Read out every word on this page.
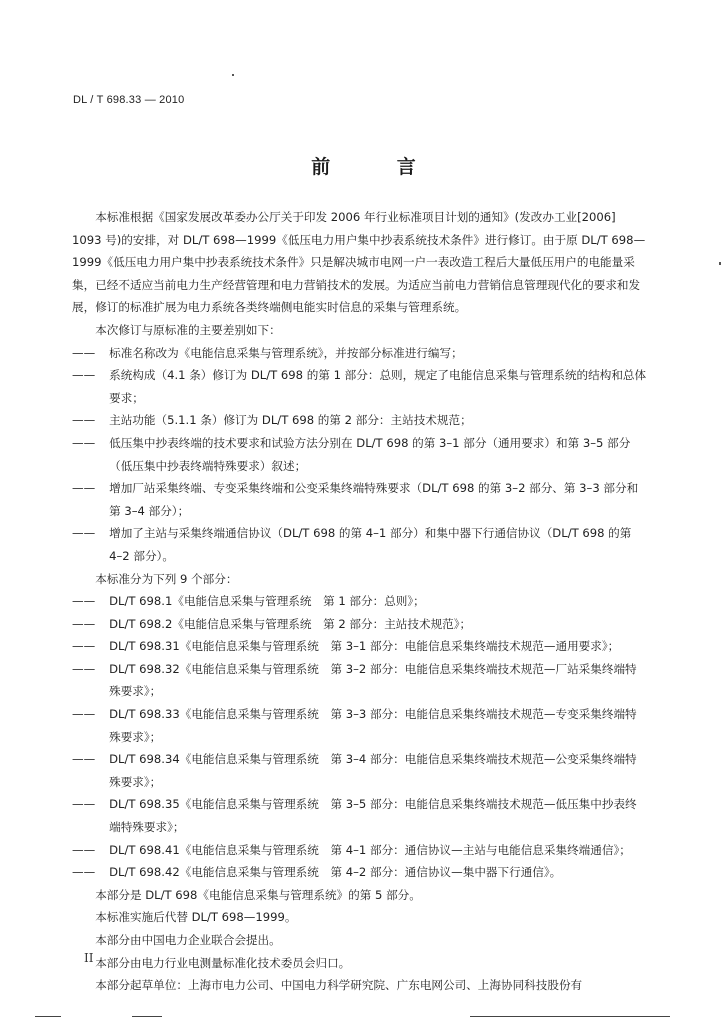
DL / T 698.33 — 2010
前 言

本标准根据《国家发展改革委办公厅关于印发 2006 年行业标准项目计划的通知》(发改办工业[2006] 1093 号)的安排，对 DL/T 698—1999《低压电力用户集中抄表系统技术条件》进行修订。由于原 DL/T 698—1999《低压电力用户集中抄表系统技术条件》只是解决城市电网一户一表改造工程后大量低压用户的电能量采集，已经不适应当前电力生产经营管理和电力营销技术的发展。为适应当前电力营销信息管理现代化的要求和发展，修订的标准扩展为电力系统各类终端侧电能实时信息的采集与管理系统。

本次修订与原标准的主要差别如下：

—— 标准名称改为《电能信息采集与管理系统》，并按部分标准进行编写；

—— 系统构成（4.1 条）修订为 DL/T 698 的第 1 部分：总则，规定了电能信息采集与管理系统的结构和总体要求；

—— 主站功能（5.1.1 条）修订为 DL/T 698 的第 2 部分：主站技术规范；

—— 低压集中抄表终端的技术要求和试验方法分别在 DL/T 698 的第 3–1 部分（通用要求）和第 3–5 部分（低压集中抄表终端特殊要求）叙述；

—— 增加厂站采集终端、专变采集终端和公变采集终端特殊要求（DL/T 698 的第 3–2 部分、第 3–3 部分和第 3–4 部分）；

—— 增加了主站与采集终端通信协议（DL/T 698 的第 4–1 部分）和集中器下行通信协议（DL/T 698 的第 4–2 部分）。

本标准分为下列 9 个部分：

—— DL/T 698.1《电能信息采集与管理系统　第 1 部分：总则》；

—— DL/T 698.2《电能信息采集与管理系统　第 2 部分：主站技术规范》；

—— DL/T 698.31《电能信息采集与管理系统　第 3–1 部分：电能信息采集终端技术规范—通用要求》；

—— DL/T 698.32《电能信息采集与管理系统　第 3–2 部分：电能信息采集终端技术规范—厂站采集终端特殊要求》；

—— DL/T 698.33《电能信息采集与管理系统　第 3–3 部分：电能信息采集终端技术规范—专变采集终端特殊要求》；

—— DL/T 698.34《电能信息采集与管理系统　第 3–4 部分：电能信息采集终端技术规范—公变采集终端特殊要求》；

—— DL/T 698.35《电能信息采集与管理系统　第 3–5 部分：电能信息采集终端技术规范—低压集中抄表终端特殊要求》；

—— DL/T 698.41《电能信息采集与管理系统　第 4–1 部分：通信协议—主站与电能信息采集终端通信》；

—— DL/T 698.42《电能信息采集与管理系统　第 4–2 部分：通信协议—集中器下行通信》。

本部分是 DL/T 698《电能信息采集与管理系统》的第 5 部分。

本标准实施后代替 DL/T 698—1999。

本部分由中国电力企业联合会提出。

本部分由电力行业电测量标准化技术委员会归口。

本部分起草单位：上海市电力公司、中国电力科学研究院、广东电网公司、上海协同科技股份有

II
